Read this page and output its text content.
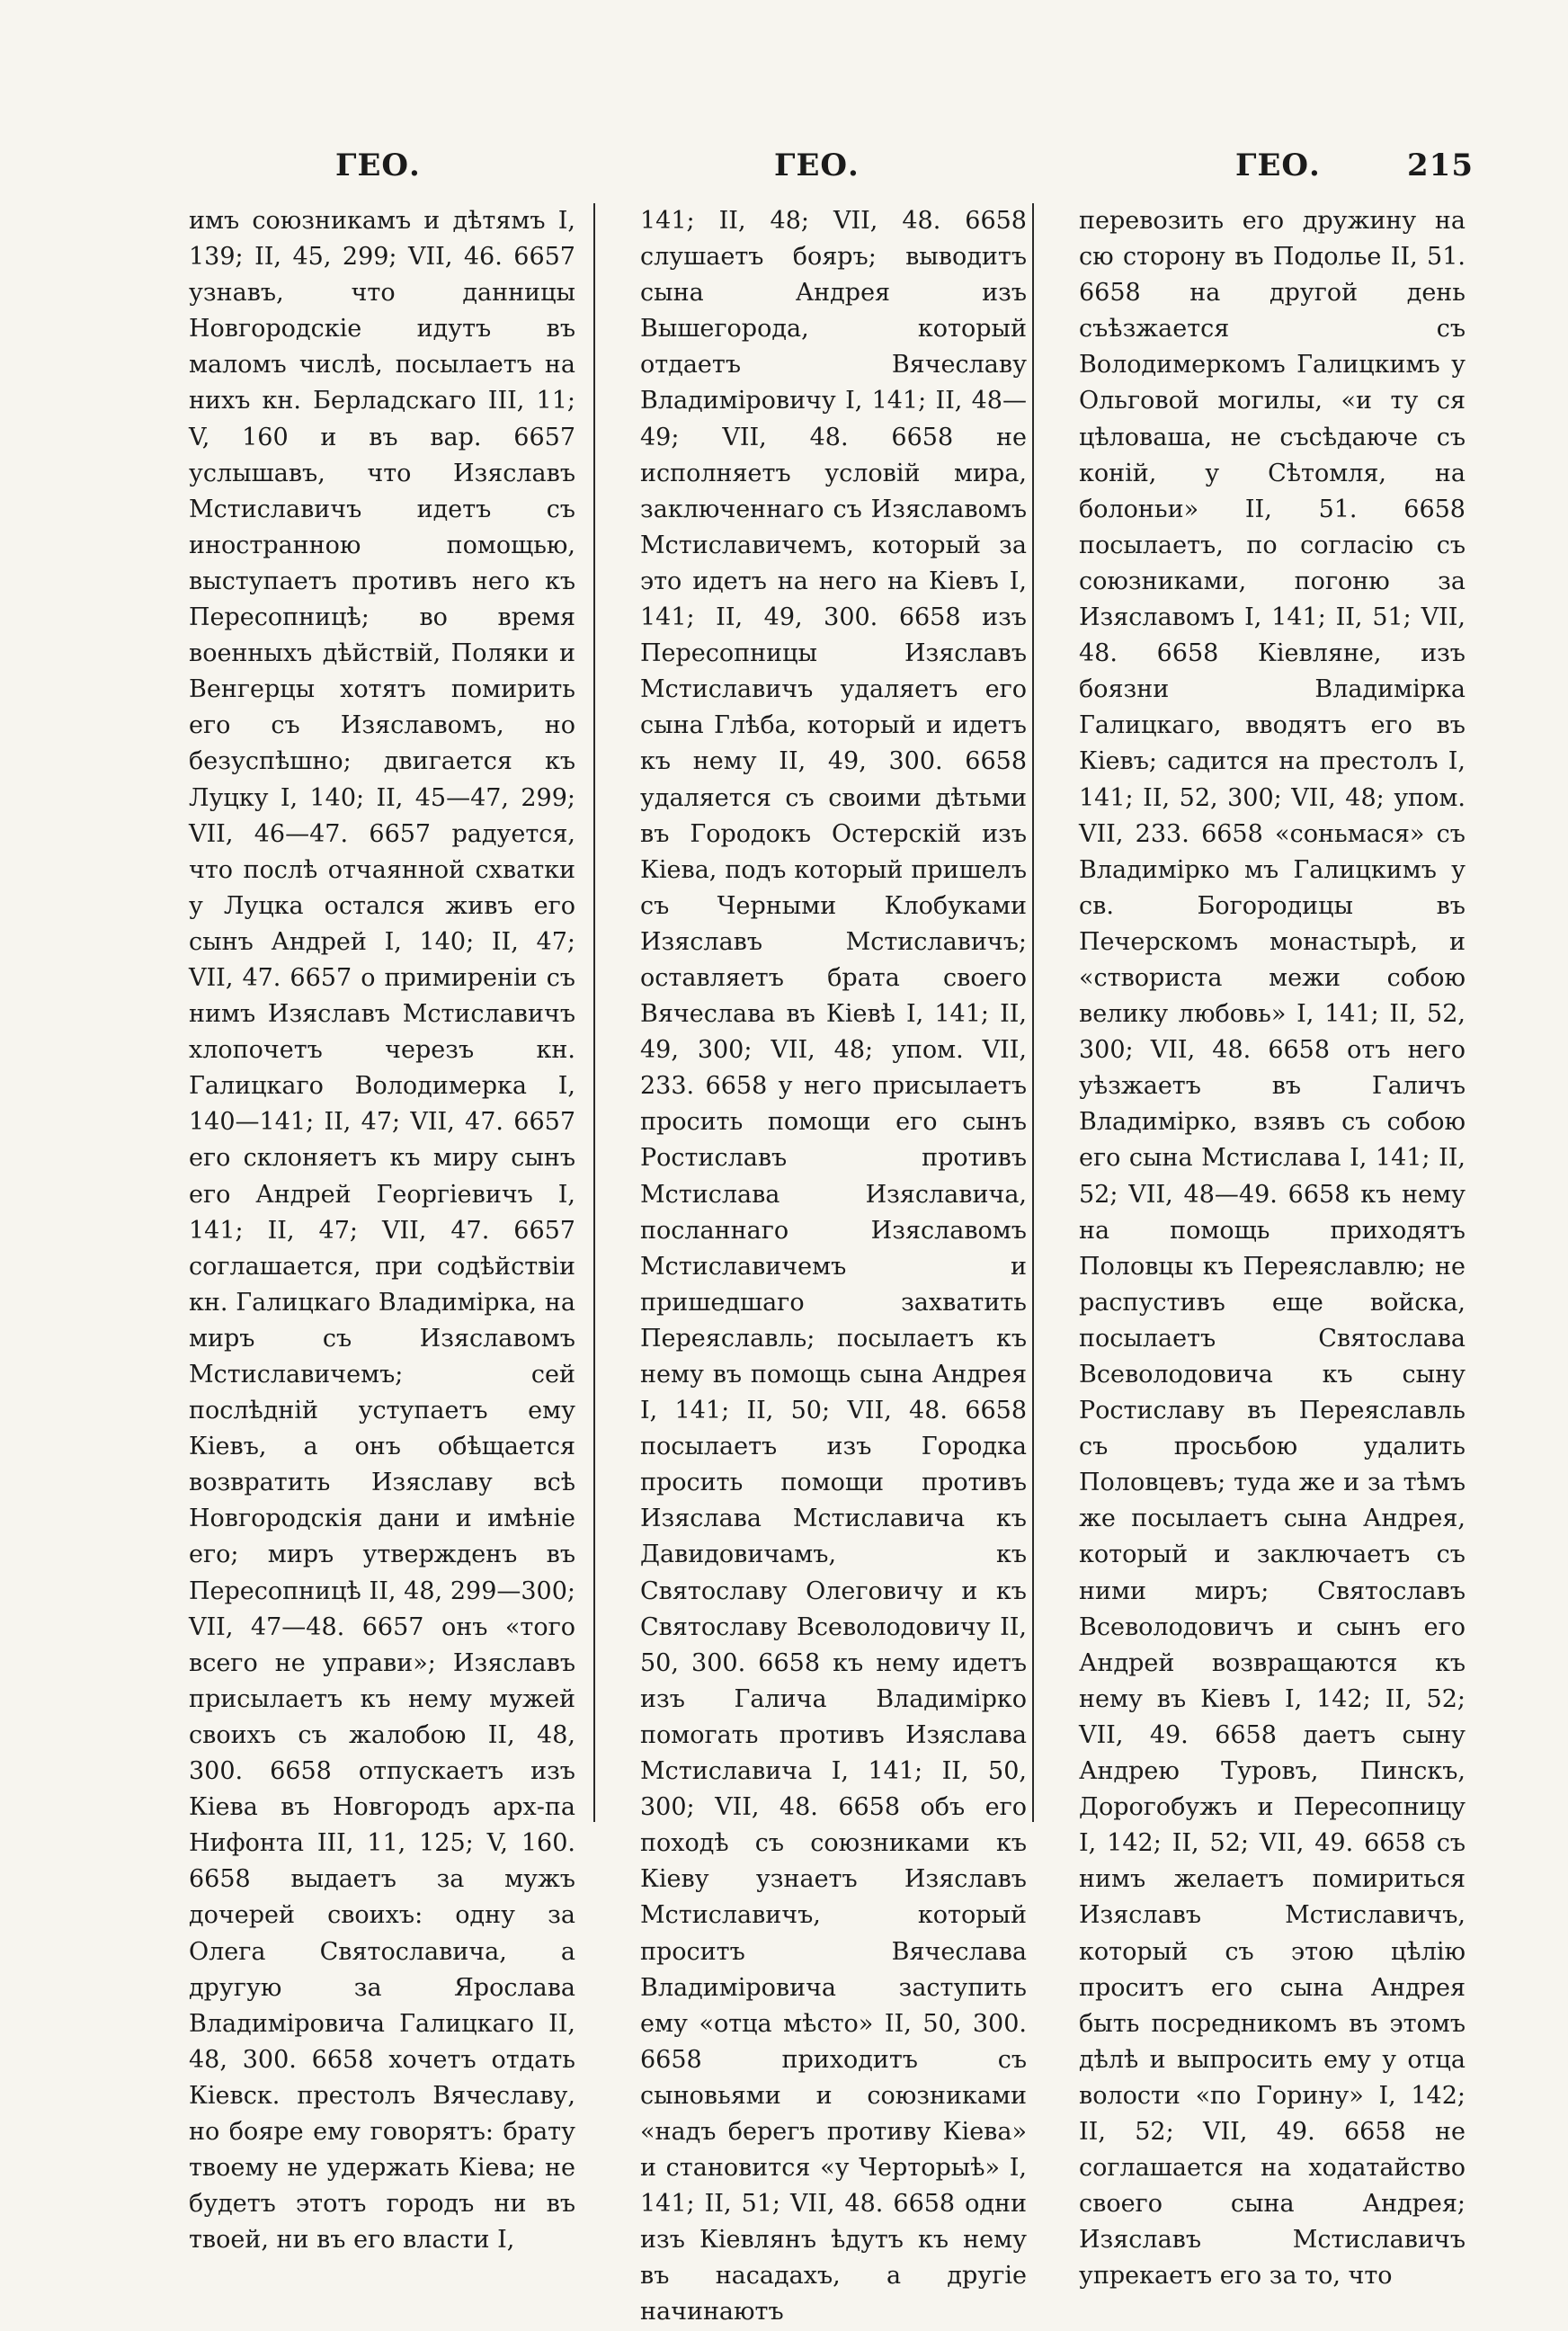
ГЕО.	ГЕО.	ГЕО.	215
имъ союзникамъ и дѣтямъ I, 139; II, 45, 299; VII, 46. 6657 узнавъ, что данницы Новгородскіе идутъ въ маломъ числѣ, посылаетъ на нихъ кн. Берладскаго III, 11; V, 160 и въ вар. 6657 услышавъ, что Изяславъ Мстиславичъ идетъ съ иностранною помощью, выступаетъ противъ него къ Пересопницѣ; во время военныхъ дѣйствій, Поляки и Венгерцы хотятъ помирить его съ Изяславомъ, но безуспѣшно; двигается къ Луцку I, 140; II, 45—47, 299; VII, 46—47. 6657 радуется, что послѣ отчаянной схватки у Луцка остался живъ его сынъ Андрей I, 140; II, 47; VII, 47. 6657 о примиреніи съ нимъ Изяславъ Мстиславичъ хлопочетъ черезъ кн. Галицкаго Володимерка I, 140—141; II, 47; VII, 47. 6657 его склоняетъ къ миру сынъ его Андрей Георгіевичъ I, 141; II, 47; VII, 47. 6657 соглашается, при содѣйствіи кн. Галицкаго Владимірка, на миръ съ Изяславомъ Мстиславичемъ; сей послѣдній уступаетъ ему Кіевъ, а онъ обѣщается возвратить Изяславу всѣ Новгородскія дани и имѣніе его; миръ утвержденъ въ Пересопницѣ II, 48, 299—300; VII, 47—48. 6657 онъ «того всего не управи»; Изяславъ присылаетъ къ нему мужей своихъ съ жалобою II, 48, 300. 6658 отпускаетъ изъ Кіева въ Новгородъ арх-па Нифонта III, 11, 125; V, 160. 6658 выдаетъ за мужъ дочерей своихъ: одну за Олега Святославича, а другую за Ярослава Владиміровича Галицкаго II, 48, 300. 6658 хочетъ отдать Кіевск. престолъ Вячеславу, но бояре ему говорятъ: брату твоему не удержать Кіева; не будетъ этотъ городъ ни въ твоей, ни въ его власти I,
141; II, 48; VII, 48. 6658 слушаетъ бояръ; выводитъ сына Андрея изъ Вышегорода, который отдаетъ Вячеславу Владиміровичу I, 141; II, 48—49; VII, 48. 6658 не исполняетъ условій мира, заключеннаго съ Изяславомъ Мстиславичемъ, который за это идетъ на него на Кіевъ I, 141; II, 49, 300. 6658 изъ Пересопницы Изяславъ Мстиславичъ удаляетъ его сына Глѣба, который и идетъ къ нему II, 49, 300. 6658 удаляется съ своими дѣтьми въ Городокъ Остерскій изъ Кіева, подъ который пришелъ съ Черными Клобуками Изяславъ Мстиславичъ; оставляетъ брата своего Вячеслава въ Кіевѣ I, 141; II, 49, 300; VII, 48; упом. VII, 233. 6658 у него присылаетъ просить помощи его сынъ Ростиславъ противъ Мстислава Изяславича, посланнаго Изяславомъ Мстиславичемъ и пришедшаго захватить Переяславль; посылаетъ къ нему въ помощь сына Андрея I, 141; II, 50; VII, 48. 6658 посылаетъ изъ Городка просить помощи противъ Изяслава Мстиславича къ Давидовичамъ, къ Святославу Олеговичу и къ Святославу Всеволодовичу II, 50, 300. 6658 къ нему идетъ изъ Галича Владимірко помогать противъ Изяслава Мстиславича I, 141; II, 50, 300; VII, 48. 6658 объ его походѣ съ союзниками къ Кіеву узнаетъ Изяславъ Мстиславичъ, который проситъ Вячеслава Владиміровича заступить ему «отца мѣсто» II, 50, 300. 6658 приходитъ съ сыновьями и союзниками «надъ берегъ противу Кіева» и становится «у Черторыѣ» I, 141; II, 51; VII, 48. 6658 одни изъ Кіевлянъ ѣдутъ къ нему въ насадахъ, а другіе начинаютъ
перевозить его дружину на сю сторону въ Подолье II, 51. 6658 на другой день съѣзжается съ Володимеркомъ Галицкимъ у Ольговой могилы, «и ту ся цѣловаша, не съсѣдаюче съ коній, у Сѣтомля, на болоньи» II, 51. 6658 посылаетъ, по согласію съ союзниками, погоню за Изяславомъ I, 141; II, 51; VII, 48. 6658 Кіевляне, изъ боязни Владимірка Галицкаго, вводятъ его въ Кіевъ; садится на престолъ I, 141; II, 52, 300; VII, 48; упом. VII, 233. 6658 «соньмася» съ Владимірко мъ Галицкимъ у св. Богородицы въ Печерскомъ монастырѣ, и «створиста межи собою велику любовь» I, 141; II, 52, 300; VII, 48. 6658 отъ него уѣзжаетъ въ Галичъ Владимірко, взявъ съ собою его сына Мстислава I, 141; II, 52; VII, 48—49. 6658 къ нему на помощь приходятъ Половцы къ Переяславлю; не распустивъ еще войска, посылаетъ Святослава Всеволодовича къ сыну Ростиславу въ Переяславль съ просьбою удалить Половцевъ; туда же и за тѣмъ же посылаетъ сына Андрея, который и заключаетъ съ ними миръ; Святославъ Всеволодовичъ и сынъ его Андрей возвращаются къ нему въ Кіевъ I, 142; II, 52; VII, 49. 6658 даетъ сыну Андрею Туровъ, Пинскъ, Дорогобужъ и Пересопницу I, 142; II, 52; VII, 49. 6658 съ нимъ желаетъ помириться Изяславъ Мстиславичъ, который съ этою цѣлію проситъ его сына Андрея быть посредникомъ въ этомъ дѣлѣ и выпросить ему у отца волости «по Горину» I, 142; II, 52; VII, 49. 6658 не соглашается на ходатайство своего сына Андрея; Изяславъ Мстиславичъ упрекаетъ его за то, что
